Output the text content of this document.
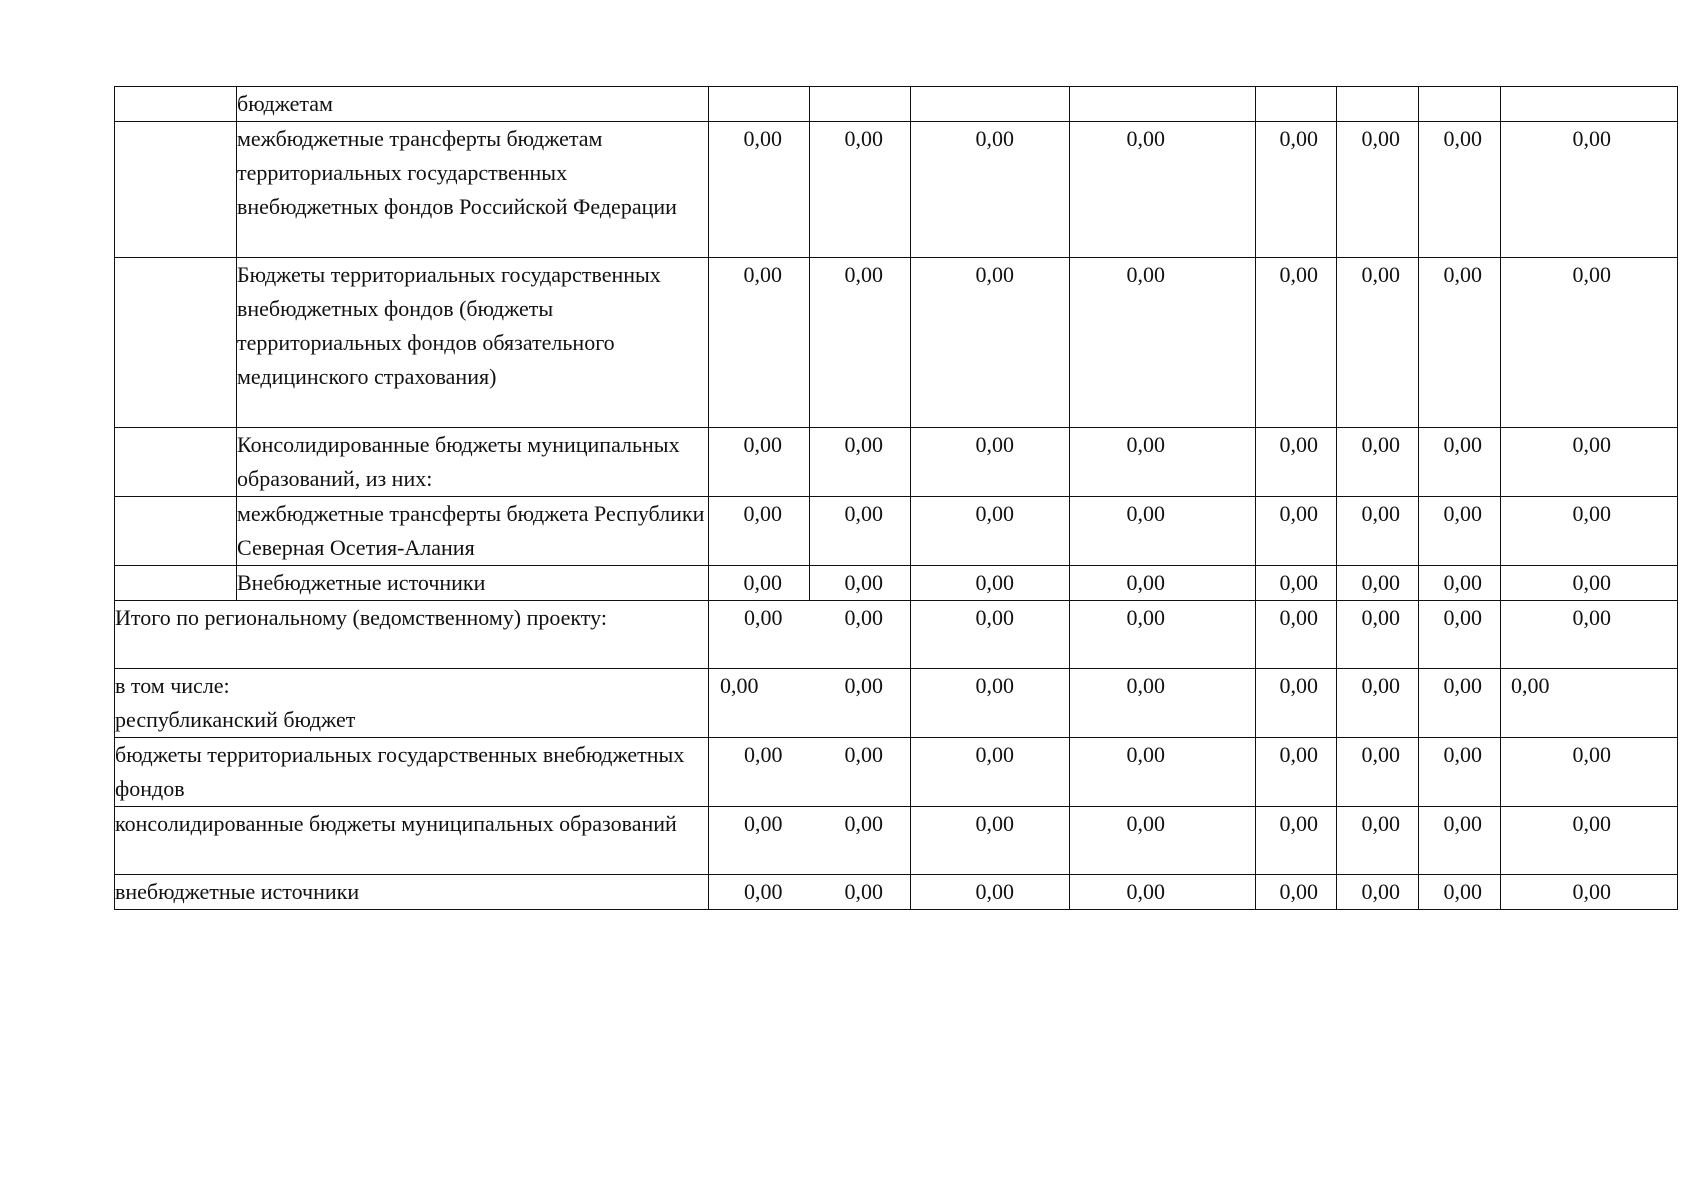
	бюджетам								

	межбюджетные трансферты бюджетам территориальных государственных внебюджетных фондов Российской Федерации	0,00	0,00	0,00	0,00	0,00	0,00	0,00	0,00

	Бюджеты территориальных государственных внебюджетных фондов (бюджеты территориальных фондов обязательного медицинского страхования)	0,00	0,00	0,00	0,00	0,00	0,00	0,00	0,00

	Консолидированные бюджеты муниципальных образований, из них:	0,00	0,00	0,00	0,00	0,00	0,00	0,00	0,00

	межбюджетные трансферты бюджета Республики Северная Осетия-Алания	0,00	0,00	0,00	0,00	0,00	0,00	0,00	0,00

	Внебюджетные источники	0,00	0,00	0,00	0,00	0,00	0,00	0,00	0,00

Итого по региональному (ведомственному) проекту:		0,00	0,00	0,00	0,00	0,00	0,00	0,00	0,00

в том числе:
республиканский бюджет		0,00	0,00	0,00	0,00	0,00	0,00	0,00	0,00

бюджеты территориальных государственных внебюджетных фондов		0,00	0,00	0,00	0,00	0,00	0,00	0,00	0,00

консолидированные бюджеты муниципальных образований		0,00	0,00	0,00	0,00	0,00	0,00	0,00	0,00

внебюджетные источники		0,00	0,00	0,00	0,00	0,00	0,00	0,00	0,00
